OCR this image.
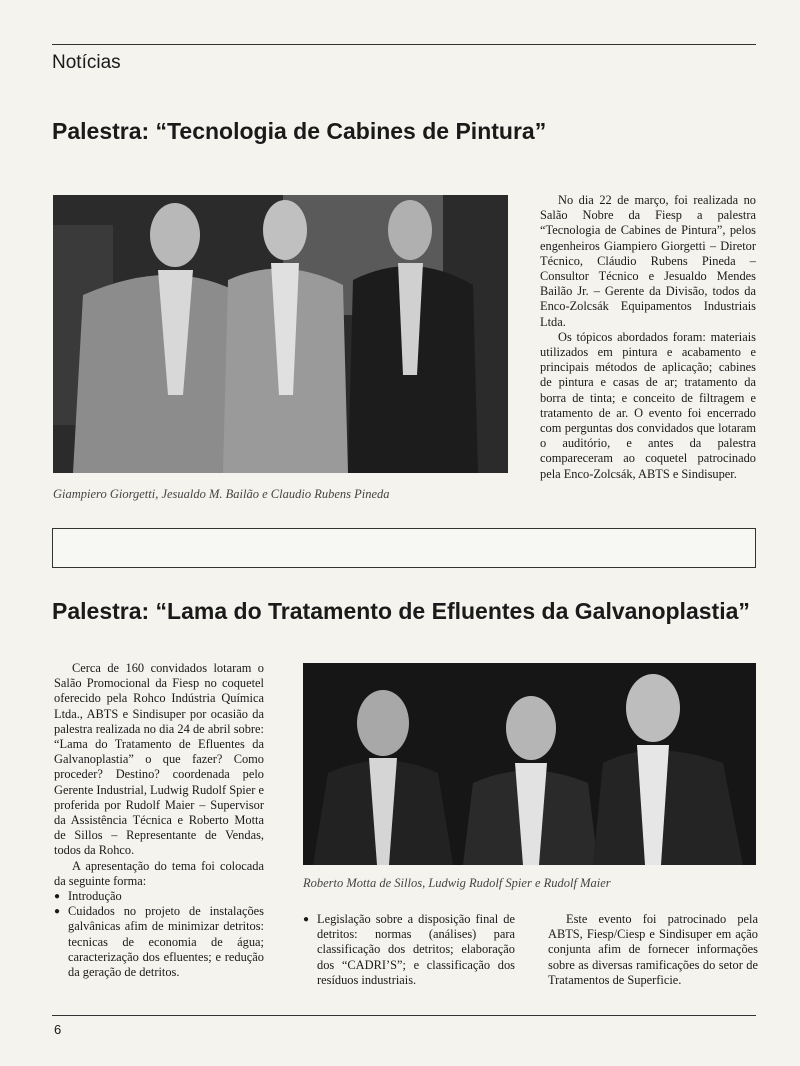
Notícias
Palestra: “Tecnologia de Cabines de Pintura”
Giampiero Giorgetti, Jesualdo M. Bailão e Claudio Rubens Pineda

No dia 22 de março, foi realizada no Salão Nobre da Fiesp a palestra “Tecnologia de Cabines de Pintura”, pelos engenheiros Giampiero Giorgetti – Diretor Técnico, Cláudio Rubens Pineda – Consultor Técnico e Jesualdo Mendes Bailão Jr. – Gerente da Divisão, todos da Enco-Zolcsák Equipamentos Industriais Ltda.

Os tópicos abordados foram: materiais utilizados em pintura e acabamento e principais métodos de aplicação; cabines de pintura e casas de ar; tratamento da borra de tinta; e conceito de filtragem e tratamento de ar. O evento foi encerrado com perguntas dos convidados que lotaram o auditório, e antes da palestra compareceram ao coquetel patrocinado pela Enco-Zolcsák, ABTS e Sindisuper.

Palestra: “Lama do Tratamento de Efluentes da Galvanoplastia”

Cerca de 160 convidados lotaram o Salão Promocional da Fiesp no coquetel oferecido pela Rohco Indústria Química Ltda., ABTS e Sindisuper por ocasião da palestra realizada no dia 24 de abril sobre: “Lama do Tratamento de Efluentes da Galvanoplastia” o que fazer? Como proceder? Destino? coordenada pelo Gerente Industrial, Ludwig Rudolf Spier e proferida por Rudolf Maier – Supervisor da Assistência Técnica e Roberto Motta de Sillos – Representante de Vendas, todos da Rohco.

A apresentação do tema foi colocada da seguinte forma:

● Introdução
● Cuidados no projeto de instalações galvânicas afim de minimizar detritos: tecnicas de economia de água; caracterização dos efluentes; e redução da geração de detritos.
Roberto Motta de Sillos, Ludwig Rudolf Spier e Rudolf Maier
● Legislação sobre a disposição final de detritos: normas (análises) para classificação dos detritos; elaboração dos “CADRI’S”; e classificação dos resíduos industriais.

Este evento foi patrocinado pela ABTS, Fiesp/Ciesp e Sindisuper em ação conjunta afim de fornecer informações sobre as diversas ramificações do setor de Tratamentos de Superficie.

6
